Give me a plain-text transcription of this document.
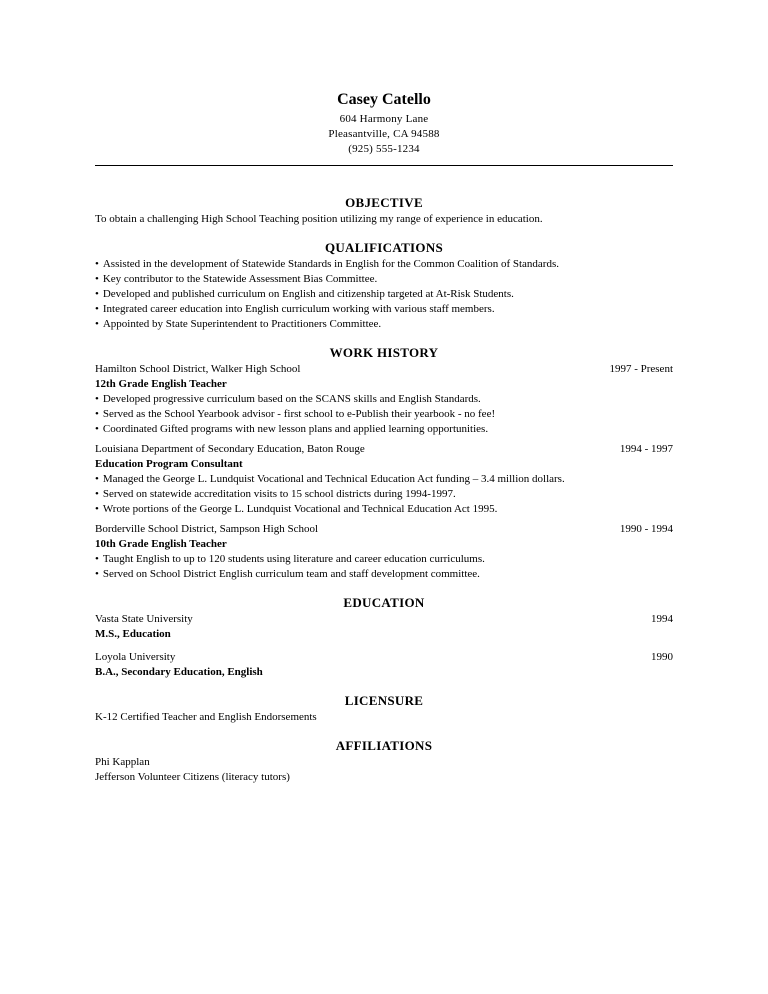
Casey Catello
604 Harmony Lane
Pleasantville, CA 94588
(925) 555-1234
OBJECTIVE
To obtain a challenging High School Teaching position utilizing my range of experience in education.
QUALIFICATIONS
• Assisted in the development of Statewide Standards in English for the Common Coalition of Standards.
• Key contributor to the Statewide Assessment Bias Committee.
• Developed and published curriculum on English and citizenship targeted at At-Risk Students.
• Integrated career education into English curriculum working with various staff members.
• Appointed by State Superintendent to Practitioners Committee.
WORK HISTORY
Hamilton School District, Walker High School	1997 - Present
12th Grade English Teacher
• Developed progressive curriculum based on the SCANS skills and English Standards.
• Served as the School Yearbook advisor - first school to e-Publish their yearbook - no fee!
• Coordinated Gifted programs with new lesson plans and applied learning opportunities.
Louisiana Department of Secondary Education, Baton Rouge	1994 - 1997
Education Program Consultant
• Managed the George L. Lundquist Vocational and Technical Education Act funding – 3.4 million dollars.
• Served on statewide accreditation visits to 15 school districts during 1994-1997.
• Wrote portions of the George L. Lundquist Vocational and Technical Education Act 1995.
Borderville School District, Sampson High School	1990 - 1994
10th Grade English Teacher
• Taught English to up to 120 students using literature and career education curriculums.
• Served on School District English curriculum team and staff development committee.
EDUCATION
Vasta State University	1994
M.S., Education
Loyola University	1990
B.A., Secondary Education, English
LICENSURE
K-12 Certified Teacher and English Endorsements
AFFILIATIONS
Phi Kapplan
Jefferson Volunteer Citizens (literacy tutors)
